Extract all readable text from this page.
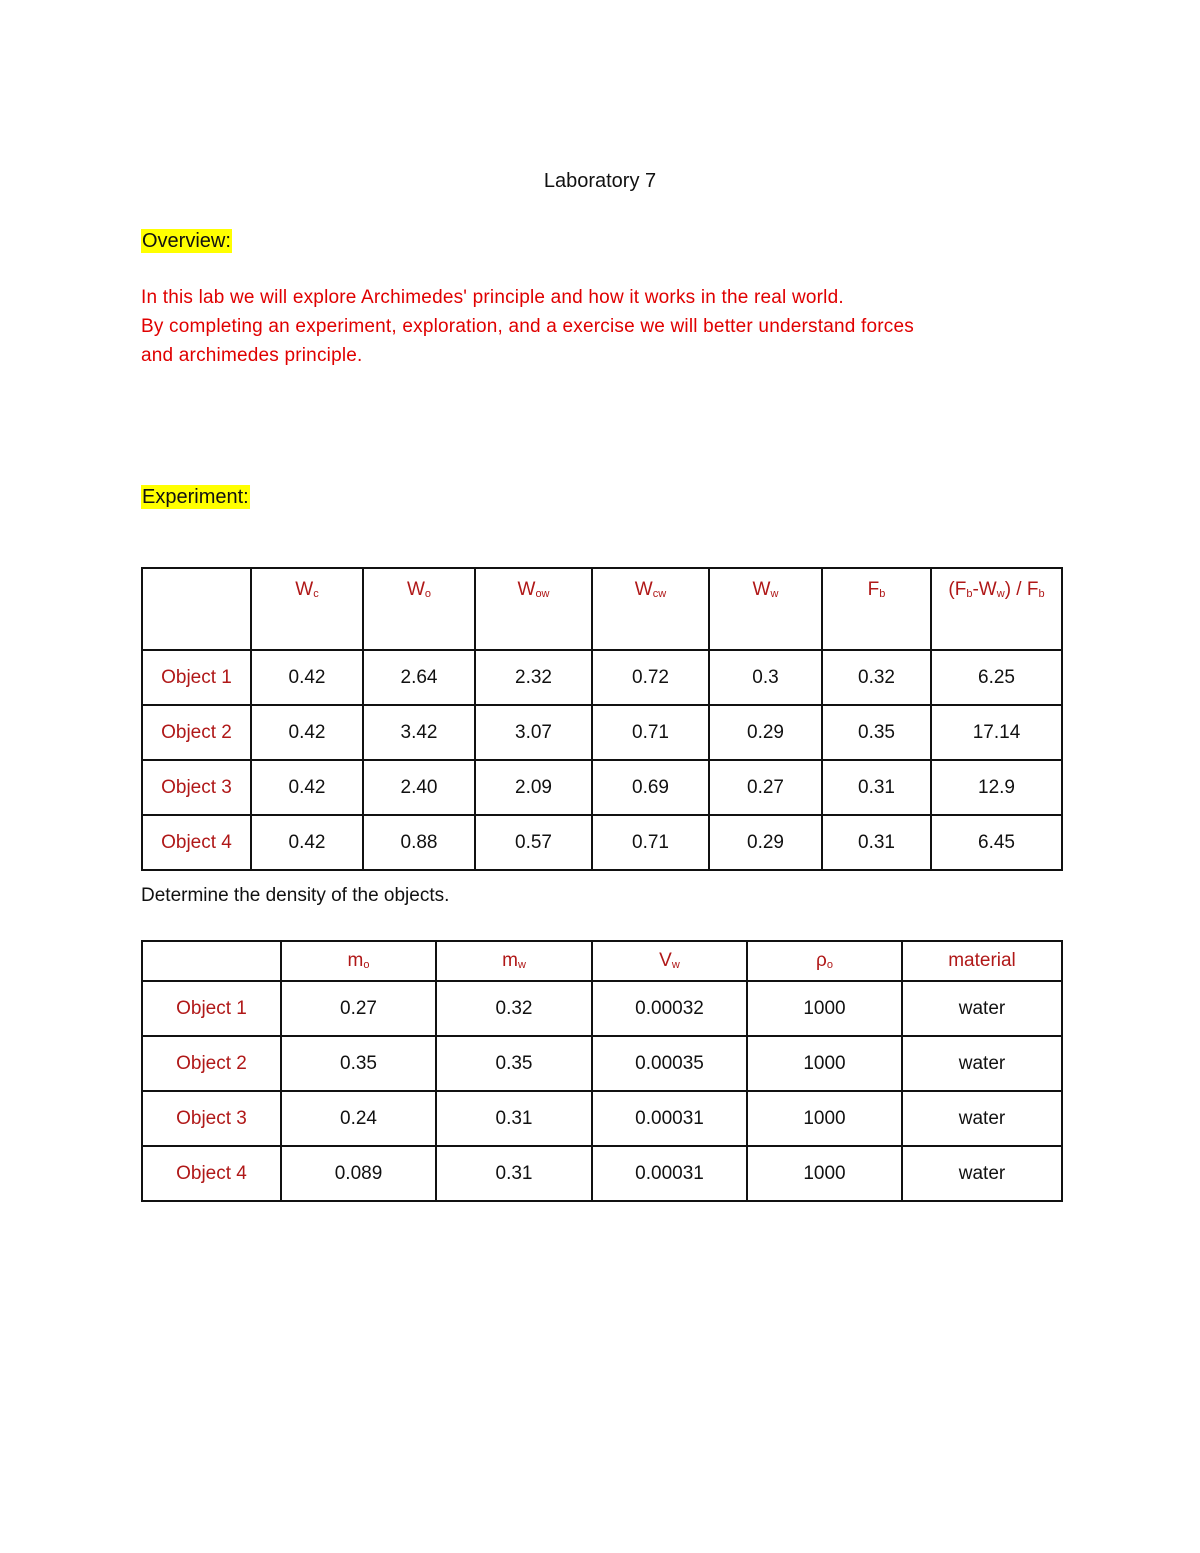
Laboratory 7
Overview:

In this lab we will explore Archimedes' principle and how it works in the real world.

By completing an experiment, exploration, and a exercise we will better understand forces

and archimedes principle.

Experiment:
	$W_c$	$W_o$	$W_{ow}$	$W_{cw}$	$W_w$	$F_b$	$(F_b-W_w) / F_b$
Object 1	0.42	2.64	2.32	0.72	0.3	0.32	6.25
Object 2	0.42	3.42	3.07	0.71	0.29	0.35	17.14
Object 3	0.42	2.40	2.09	0.69	0.27	0.31	12.9
Object 4	0.42	0.88	0.57	0.71	0.29	0.31	6.45
Determine the density of the objects.
	$m_o$	$m_w$	$V_w$	$\rho_o$	material
Object 1	0.27	0.32	0.00032	1000	water
Object 2	0.35	0.35	0.00035	1000	water
Object 3	0.24	0.31	0.00031	1000	water
Object 4	0.089	0.31	0.00031	1000	water
